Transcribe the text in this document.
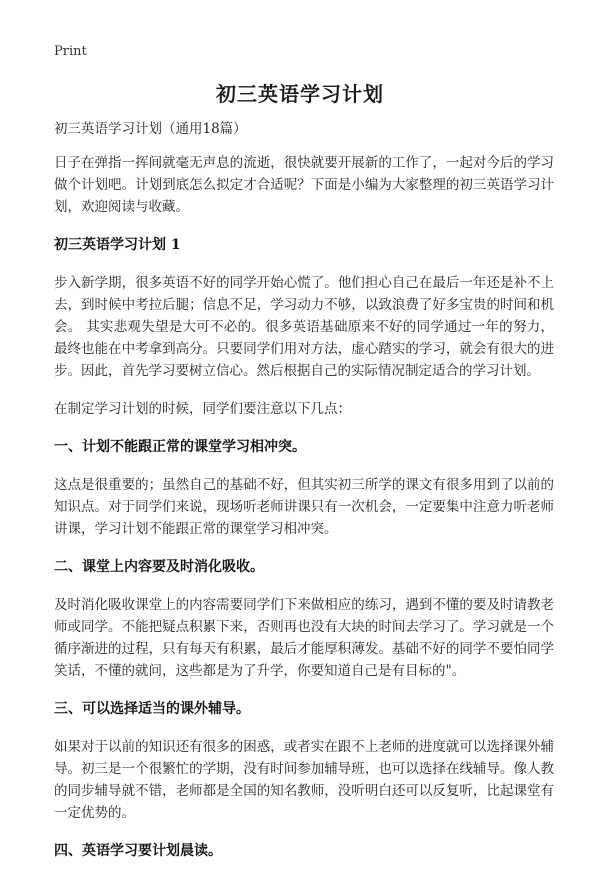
Print
初三英语学习计划
初三英语学习计划（通用18篇）

日子在弹指一挥间就毫无声息的流逝，很快就要开展新的工作了，一起对今后的学习做个计划吧。计划到底怎么拟定才合适呢？下面是小编为大家整理的初三英语学习计划，欢迎阅读与收藏。

初三英语学习计划 1

步入新学期，很多英语不好的同学开始心慌了。他们担心自己在最后一年还是补不上去，到时候中考拉后腿；信息不足，学习动力不够，以致浪费了好多宝贵的时间和机会。 其实悲观失望是大可不必的。很多英语基础原来不好的同学通过一年的努力，最终也能在中考拿到高分。只要同学们用对方法，虚心踏实的学习，就会有很大的进步。因此，首先学习要树立信心。然后根据自己的实际情况制定适合的学习计划。

在制定学习计划的时候，同学们要注意以下几点：

一、计划不能跟正常的课堂学习相冲突。

这点是很重要的；虽然自己的基础不好，但其实初三所学的课文有很多用到了以前的知识点。对于同学们来说，现场听老师讲课只有一次机会，一定要集中注意力听老师讲课，学习计划不能跟正常的课堂学习相冲突。

二、课堂上内容要及时消化吸收。

及时消化吸收课堂上的内容需要同学们下来做相应的练习，遇到不懂的要及时请教老师或同学。不能把疑点积累下来，否则再也没有大块的时间去学习了。学习就是一个循序渐进的过程，只有每天有积累，最后才能厚积薄发。基础不好的同学不要怕同学笑话，不懂的就问，这些都是为了升学，你要知道自己是有目标的"。

三、可以选择适当的课外辅导。

如果对于以前的知识还有很多的困惑，或者实在跟不上老师的进度就可以选择课外辅导。初三是一个很繁忙的学期，没有时间参加辅导班，也可以选择在线辅导。像人教的同步辅导就不错，老师都是全国的知名教师，没听明白还可以反复听，比起课堂有一定优势的。

四、英语学习要计划晨读。
